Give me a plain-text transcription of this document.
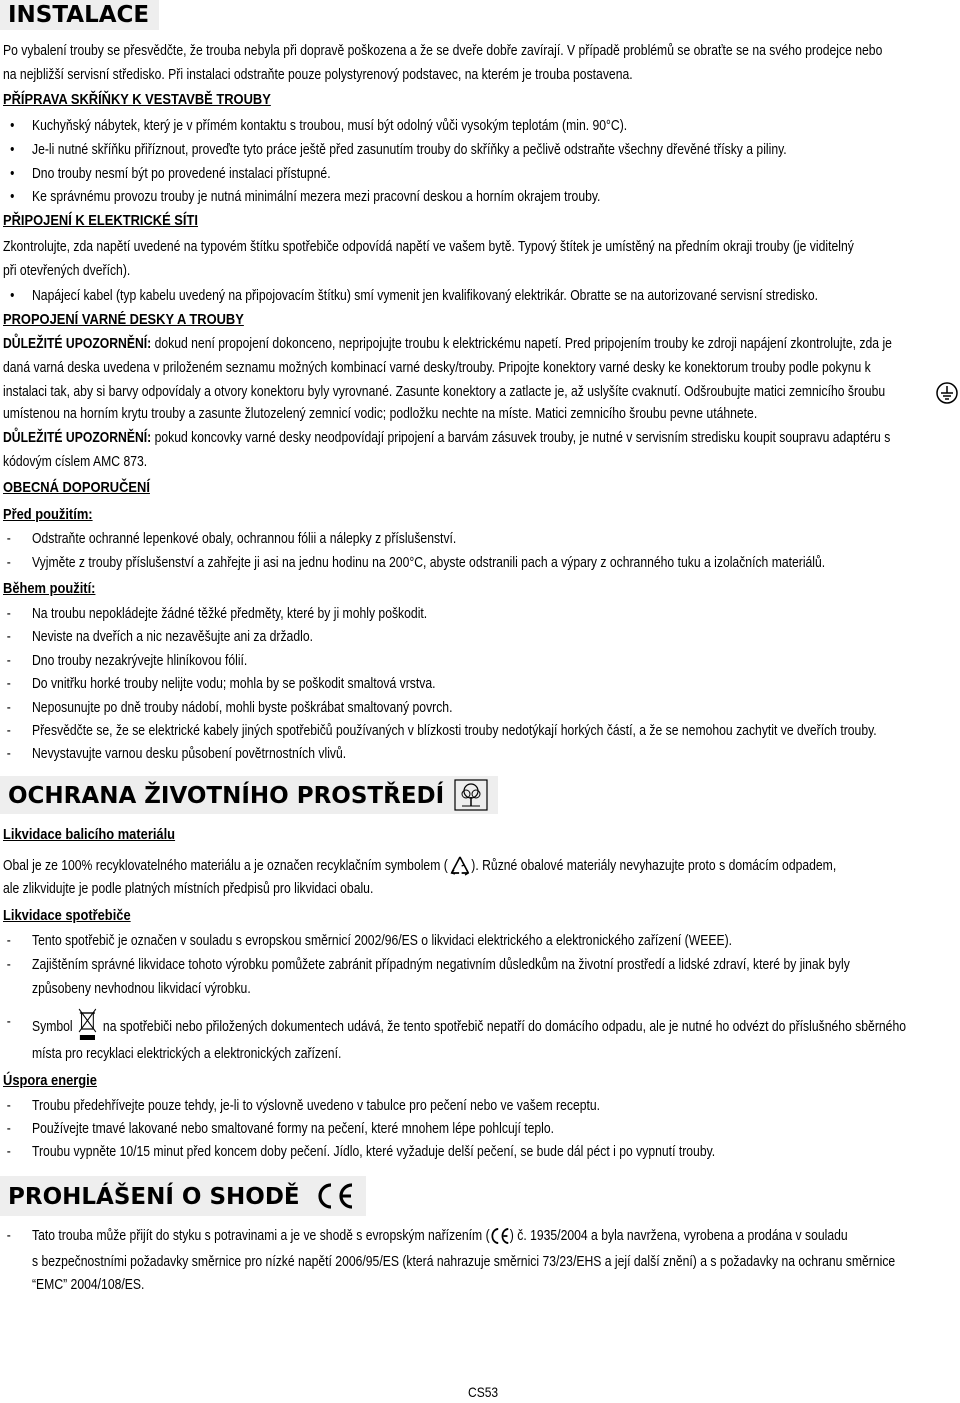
INSTALACE
Po vybalení trouby se přesvědčte, že trouba nebyla při dopravě poškozena a že se dveře dobře zavírají. V případě problémů se obraťte se na svého prodejce nebo
na nejbližší servisní středisko. Při instalaci odstraňte pouze polystyrenový podstavec, na kterém je trouba postavena.
PŘÍPRAVA SKŘÍŇKY K VESTAVBĚ TROUBY
• Kuchyňský nábytek, který je v přímém kontaktu s troubou, musí být odolný vůči vysokým teplotám (min. 90°C).
• Je-li nutné skříňku přiříznout, proveďte tyto práce ještě před zasunutím trouby do skříňky a pečlivě odstraňte všechny dřevěné třísky a piliny.
• Dno trouby nesmí být po provedené instalaci přístupné.
• Ke správnému provozu trouby je nutná minimální mezera mezi pracovní deskou a horním okrajem trouby.
PŘIPOJENÍ K ELEKTRICKÉ SÍTI
Zkontrolujte, zda napětí uvedené na typovém štítku spotřebiče odpovídá napětí ve vašem bytě. Typový štítek je umístěný na předním okraji trouby (je viditelný
při otevřených dveřích).
• Napájecí kabel (typ kabelu uvedený na připojovacím štítku) smí vymenit jen kvalifikovaný elektrikár. Obratte se na autorizované servisní stredisko.
PROPOJENÍ VARNÉ DESKY A TROUBY
DŮLEŽITÉ UPOZORNĚNÍ: dokud není propojení dokonceno, nepripojujte troubu k elektrickému napetí. Pred pripojením trouby ke zdroji napájení zkontrolujte, zda je
daná varná deska uvedena v priloženém seznamu možných kombinací varné desky/trouby. Pripojte konektory varné desky ke konektorum trouby podle pokynu k
instalaci tak, aby si barvy odpovídaly a otvory konektoru byly vyrovnané. Zasunte konektory a zatlacte je, až uslyšíte cvaknutí. Odšroubujte matici zemnicího šroubu
umístenou na horním krytu trouby a zasunte žlutozelený zemnicí vodic; podložku nechte na míste. Matici zemnicího šroubu pevne utáhnete.
DŮLEŽITÉ UPOZORNĚNÍ: pokud koncovky varné desky neodpovídají pripojení a barvám zásuvek trouby, je nutné v servisním stredisku koupit soupravu adaptéru s
kódovým císlem AMC 873.
OBECNÁ DOPORUČENÍ
Před použitím:
- Odstraňte ochranné lepenkové obaly, ochrannou fólii a nálepky z příslušenství.
- Vyjměte z trouby příslušenství a zahřejte ji asi na jednu hodinu na 200°C, abyste odstranili pach a výpary z ochranného tuku a izolačních materiálů.
Během použití:
- Na troubu nepokládejte žádné těžké předměty, které by ji mohly poškodit.
- Neviste na dveřích a nic nezavěšujte ani za držadlo.
- Dno trouby nezakrývejte hliníkovou fólií.
- Do vnitřku horké trouby nelijte vodu; mohla by se poškodit smaltová vrstva.
- Neposunujte po dně trouby nádobí, mohli byste poškrábat smaltovaný povrch.
- Přesvědčte se, že se elektrické kabely jiných spotřebičů používaných v blízkosti trouby nedotýkají horkých částí, a že se nemohou zachytit ve dveřích trouby.
- Nevystavujte varnou desku působení povětrnostních vlivů.
OCHRANA ŽIVOTNÍHO PROSTŘEDÍ
Likvidace balicího materiálu
Obal je ze 100% recyklovatelného materiálu a je označen recyklačním symbolem ( ). Různé obalové materiály nevyhazujte proto s domácím odpadem,
ale zlikvidujte je podle platných místních předpisů pro likvidaci obalu.
Likvidace spotřebiče
- Tento spotřebič je označen v souladu s evropskou směrnicí 2002/96/ES o likvidaci elektrického a elektronického zařízení (WEEE).
- Zajištěním správné likvidace tohoto výrobku pomůžete zabránit případným negativním důsledkům na životní prostředí a lidské zdraví, které by jinak byly
způsobeny nevhodnou likvidací výrobku.
- Symbol na spotřebiči nebo přiložených dokumentech udává, že tento spotřebič nepatří do domácího odpadu, ale je nutné ho odvézt do příslušného sběrného
místa pro recyklaci elektrických a elektronických zařízení.
Úspora energie
- Troubu předehřívejte pouze tehdy, je-li to výslovně uvedeno v tabulce pro pečení nebo ve vašem receptu.
- Používejte tmavé lakované nebo smaltované formy na pečení, které mnohem lépe pohlcují teplo.
- Troubu vypněte 10/15 minut před koncem doby pečení. Jídlo, které vyžaduje delší pečení, se bude dál péct i po vypnutí trouby.
PROHLÁŠENÍ O SHODĚ
- Tato trouba může přijít do styku s potravinami a je ve shodě s evropským nařízením ( ) č. 1935/2004 a byla navržena, vyrobena a prodána v souladu
s bezpečnostními požadavky směrnice pro nízké napětí 2006/95/ES (která nahrazuje směrnici 73/23/EHS a její další znění) a s požadavky na ochranu směrnice
“EMC” 2004/108/ES.
CS53
